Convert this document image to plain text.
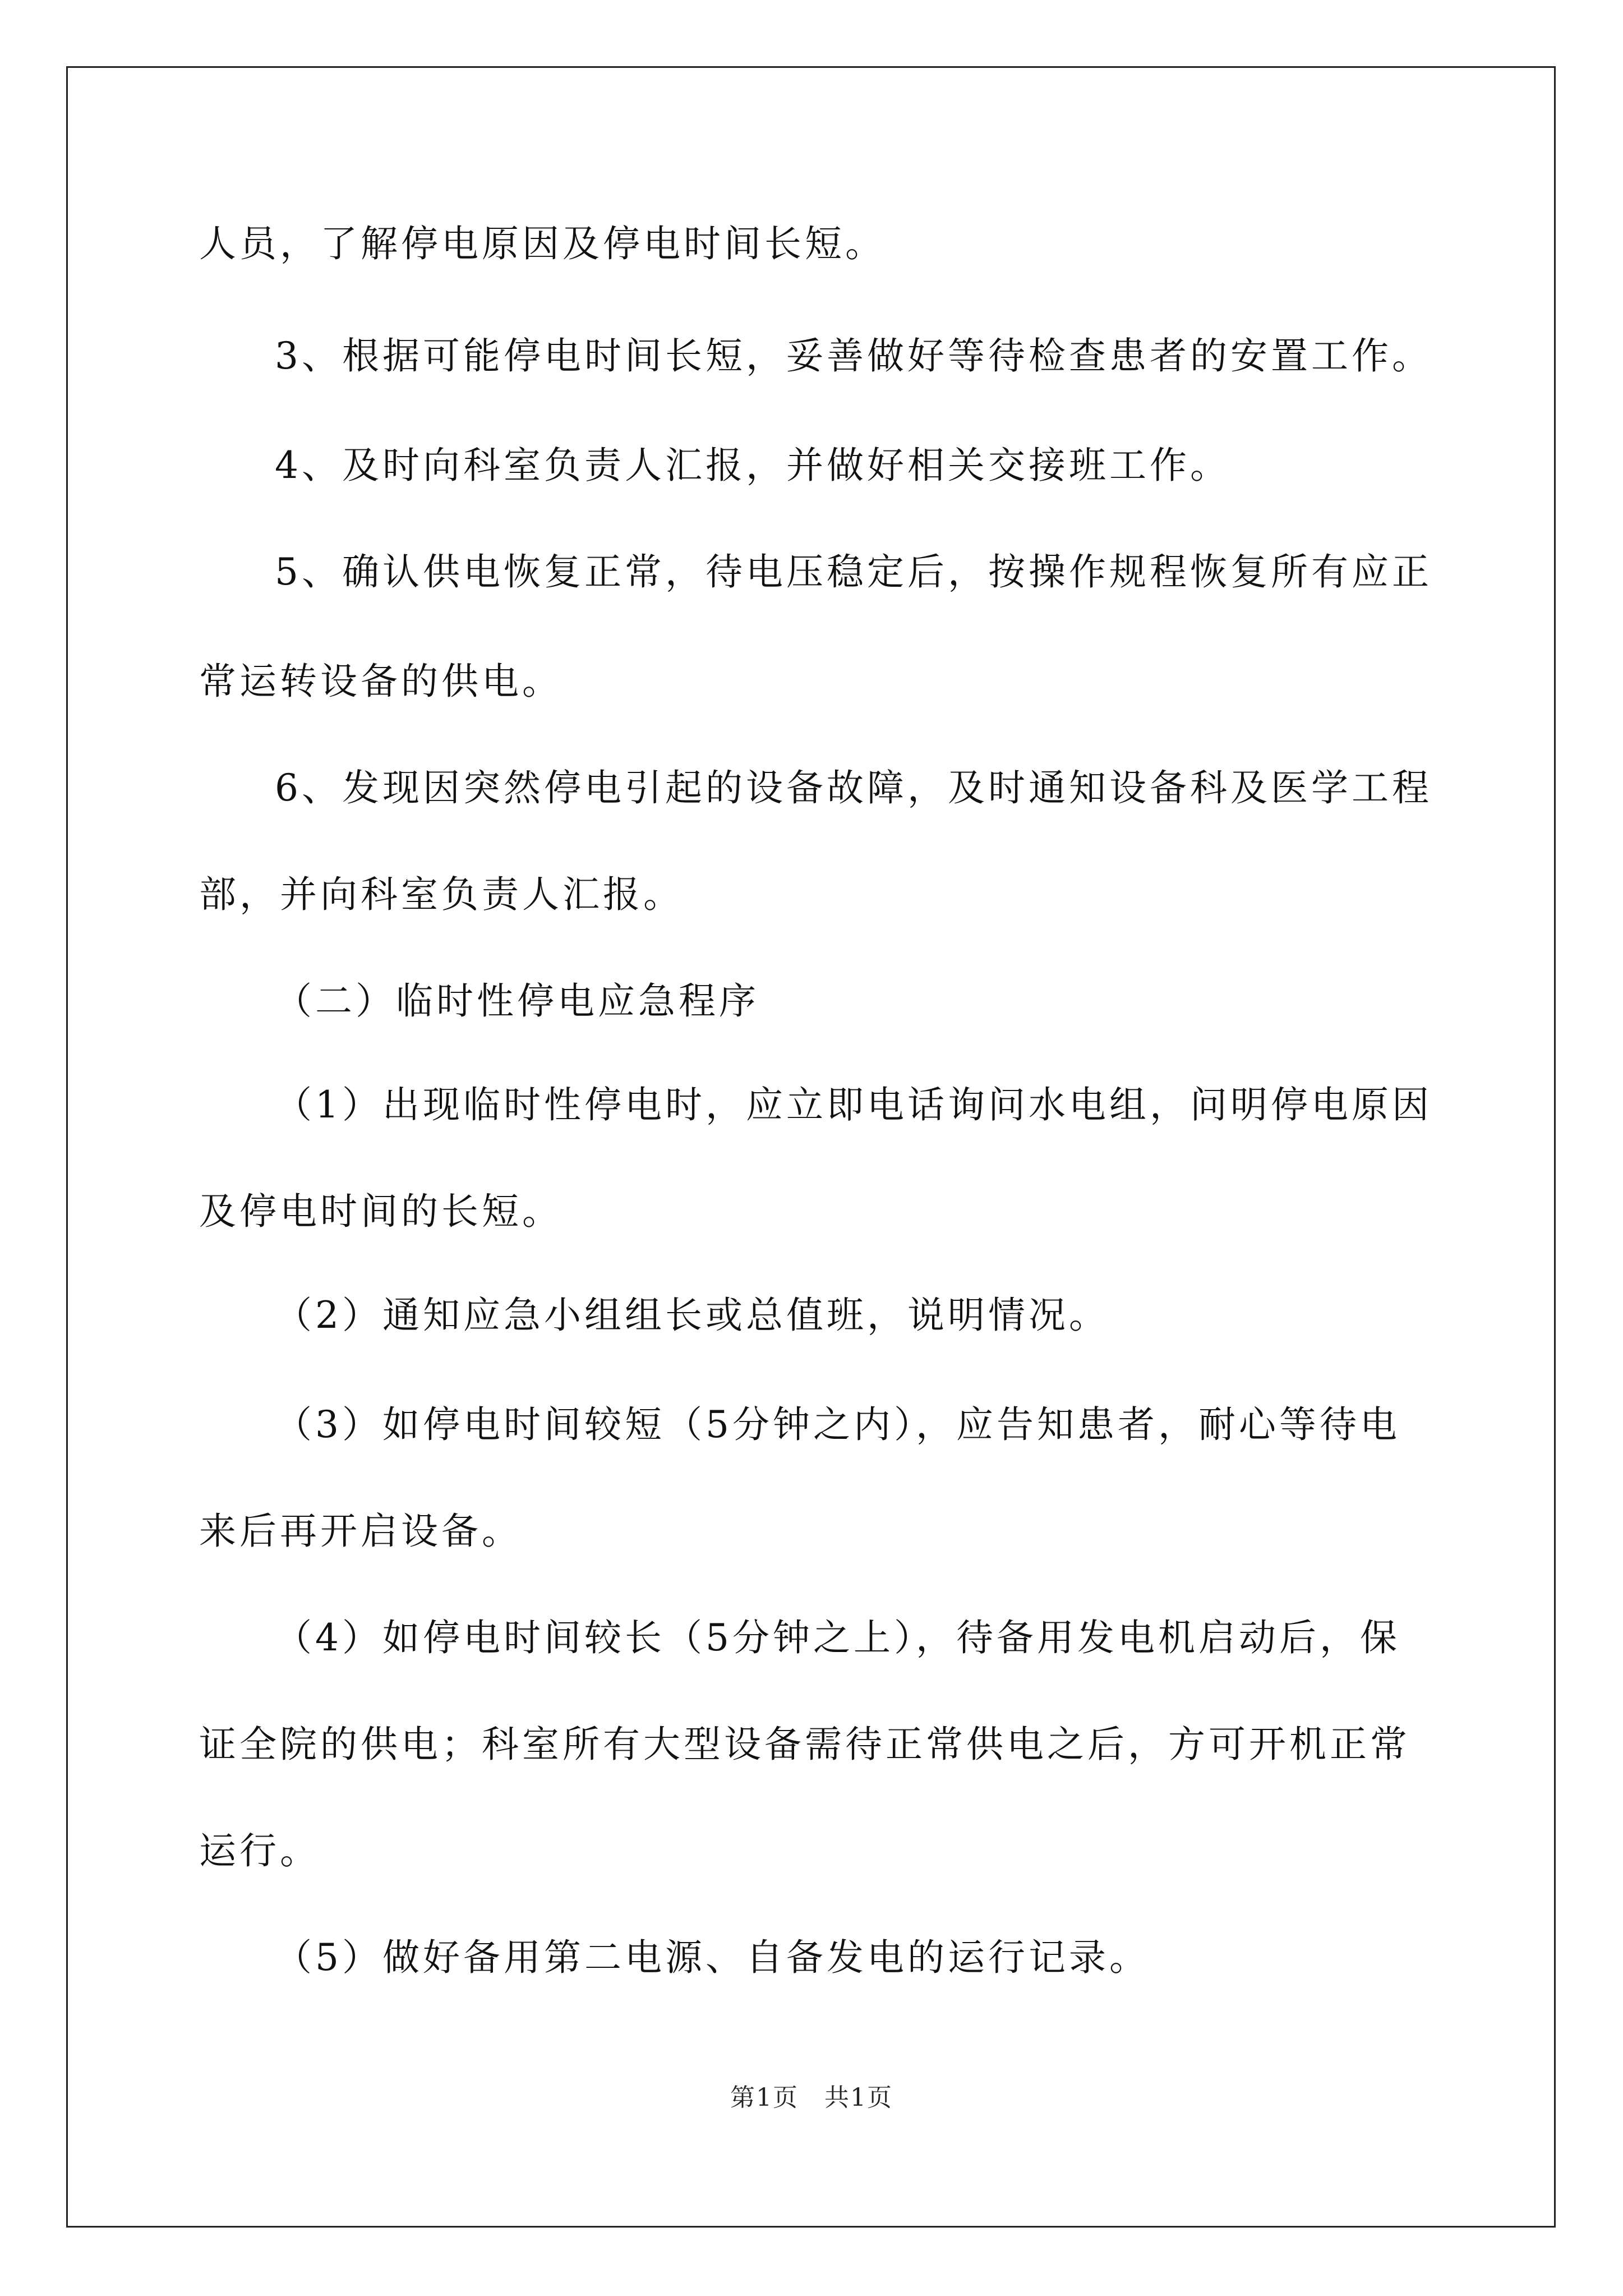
人员，了解停电原因及停电时间长短。
3、根据可能停电时间长短，妥善做好等待检查患者的安置工作。
4、及时向科室负责人汇报，并做好相关交接班工作。
5、确认供电恢复正常，待电压稳定后，按操作规程恢复所有应正
常运转设备的供电。
6、发现因突然停电引起的设备故障，及时通知设备科及医学工程
部，并向科室负责人汇报。
（二）临时性停电应急程序
（1）出现临时性停电时，应立即电话询问水电组，问明停电原因
及停电时间的长短。
（2）通知应急小组组长或总值班，说明情况。
（3）如停电时间较短（5分钟之内），应告知患者，耐心等待电
来后再开启设备。
（4）如停电时间较长（5分钟之上），待备用发电机启动后，保
证全院的供电；科室所有大型设备需待正常供电之后，方可开机正常
运行。
（5）做好备用第二电源、自备发电的运行记录。
第1页　共1页
